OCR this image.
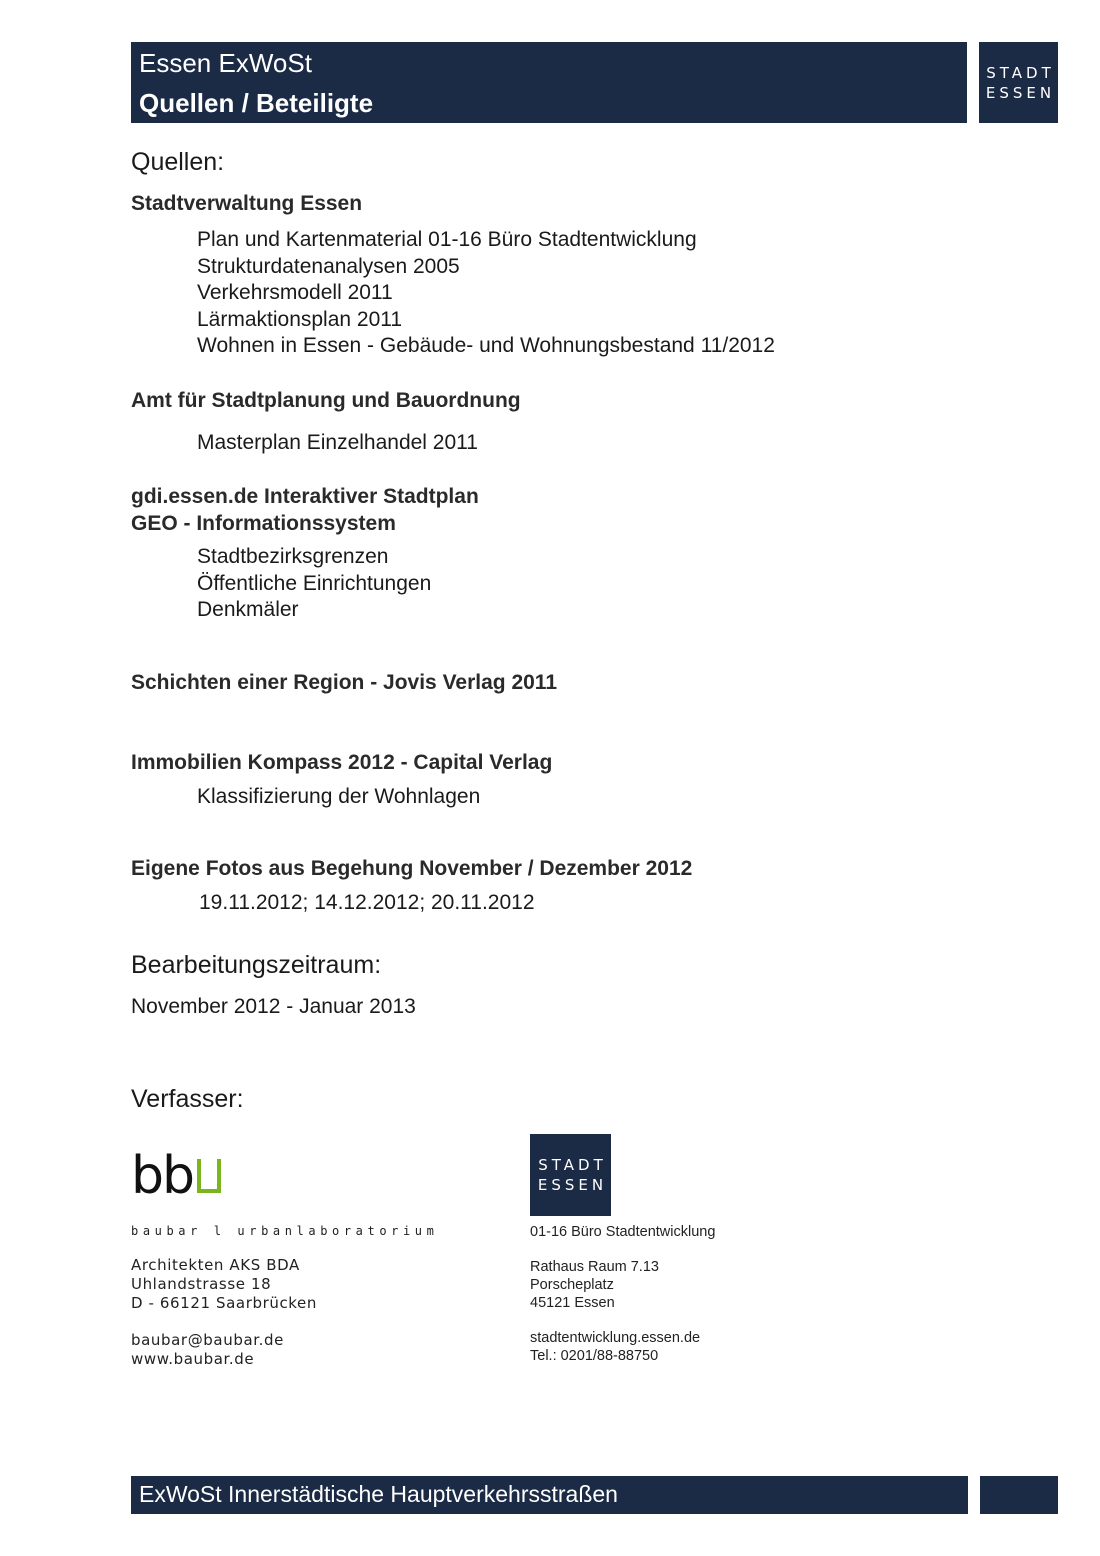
Essen ExWoSt
Quellen / Beteiligte
STADT
ESSEN
Quellen:
Stadtverwaltung Essen
Plan und Kartenmaterial 01-16 Büro Stadtentwicklung
Strukturdatenanalysen 2005
Verkehrsmodell 2011
Lärmaktionsplan 2011
Wohnen in Essen - Gebäude- und Wohnungsbestand 11/2012
Amt für Stadtplanung und Bauordnung
Masterplan Einzelhandel 2011
gdi.essen.de Interaktiver Stadtplan
GEO - Informationssystem
Stadtbezirksgrenzen
Öffentliche Einrichtungen
Denkmäler
Schichten einer Region - Jovis Verlag 2011
Immobilien Kompass 2012 - Capital Verlag
Klassifizierung der Wohnlagen
Eigene Fotos aus Begehung November / Dezember 2012
19.11.2012; 14.12.2012; 20.11.2012
Bearbeitungszeitraum:
November 2012 - Januar 2013
Verfasser:
bb
baubar l urbanlaboratorium
Architekten AKS BDA
Uhlandstrasse 18
D - 66121 Saarbrücken
baubar@baubar.de
www.baubar.de
STADT
ESSEN
01-16 Büro Stadtentwicklung
Rathaus Raum 7.13
Porscheplatz
45121 Essen
stadtentwicklung.essen.de
Tel.: 0201/88-88750
ExWoSt Innerstädtische Hauptverkehrsstraßen
